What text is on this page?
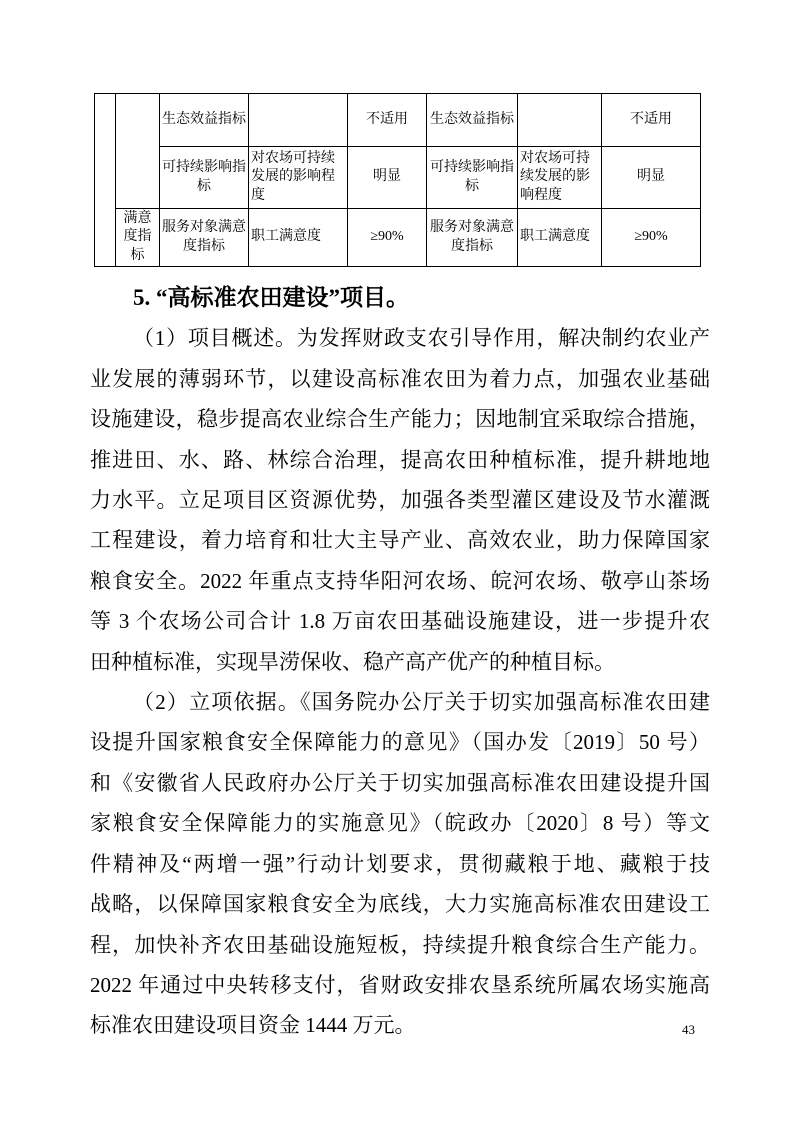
		生态效益指标		不适用	生态效益指标		不适用
		可持续影响指标	对农场可持续发展的影响程度	明显	可持续影响指标	对农场可持续发展的影响程度	明显
	满意度指标	服务对象满意度指标	职工满意度	≥90%	服务对象满意度指标	职工满意度	≥90%
5. “高标准农田建设”项目。
（1）项目概述。为发挥财政支农引导作用，解决制约农业产
业发展的薄弱环节，以建设高标准农田为着力点，加强农业基础
设施建设，稳步提高农业综合生产能力；因地制宜采取综合措施，
推进田、水、路、林综合治理，提高农田种植标准，提升耕地地
力水平。立足项目区资源优势，加强各类型灌区建设及节水灌溉
工程建设，着力培育和壮大主导产业、高效农业，助力保障国家
粮食安全。2022 年重点支持华阳河农场、皖河农场、敬亭山茶场
等 3 个农场公司合计 1.8 万亩农田基础设施建设，进一步提升农
田种植标准，实现旱涝保收、稳产高产优产的种植目标。
（2）立项依据。《国务院办公厅关于切实加强高标准农田建
设提升国家粮食安全保障能力的意见》（国办发〔2019〕50 号）
和《安徽省人民政府办公厅关于切实加强高标准农田建设提升国
家粮食安全保障能力的实施意见》（皖政办〔2020〕8 号）等文
件精神及“两增一强”行动计划要求，贯彻藏粮于地、藏粮于技
战略，以保障国家粮食安全为底线，大力实施高标准农田建设工
程，加快补齐农田基础设施短板，持续提升粮食综合生产能力。
2022 年通过中央转移支付，省财政安排农垦系统所属农场实施高
标准农田建设项目资金 1444 万元。	43
